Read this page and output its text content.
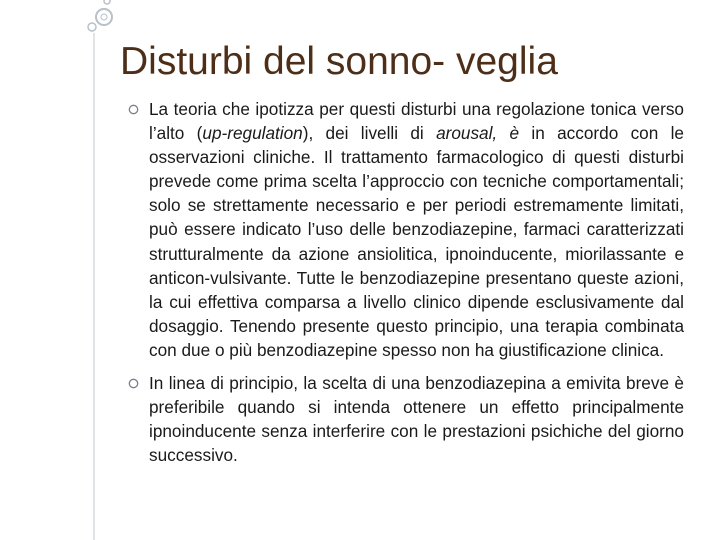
Disturbi del sonno- veglia
La teoria che ipotizza per questi disturbi una regolazione tonica verso l’alto (up-regulation), dei livelli di arousal, è in accordo con le osservazioni cliniche. Il trattamento farmacologico di questi disturbi prevede come prima scelta l’approccio con tecniche comportamentali; solo se strettamente necessario e per periodi estremamente limitati, può essere indicato l’uso delle benzodiazepine, farmaci caratterizzati strutturalmente da azione ansiolitica, ipnoinducente, miorilassante e anticon-vulsivante. Tutte le benzodiazepine presentano queste azioni, la cui effettiva comparsa a livello clinico dipende esclusivamente dal dosaggio. Tenendo presente questo principio, una terapia combinata con due o più benzodiazepine spesso non ha giustificazione clinica.
In linea di principio, la scelta di una benzodiazepina a emivita breve è preferibile quando si intenda ottenere un effetto principalmente ipnoinducente senza interferire con le prestazioni psichiche del giorno successivo.
